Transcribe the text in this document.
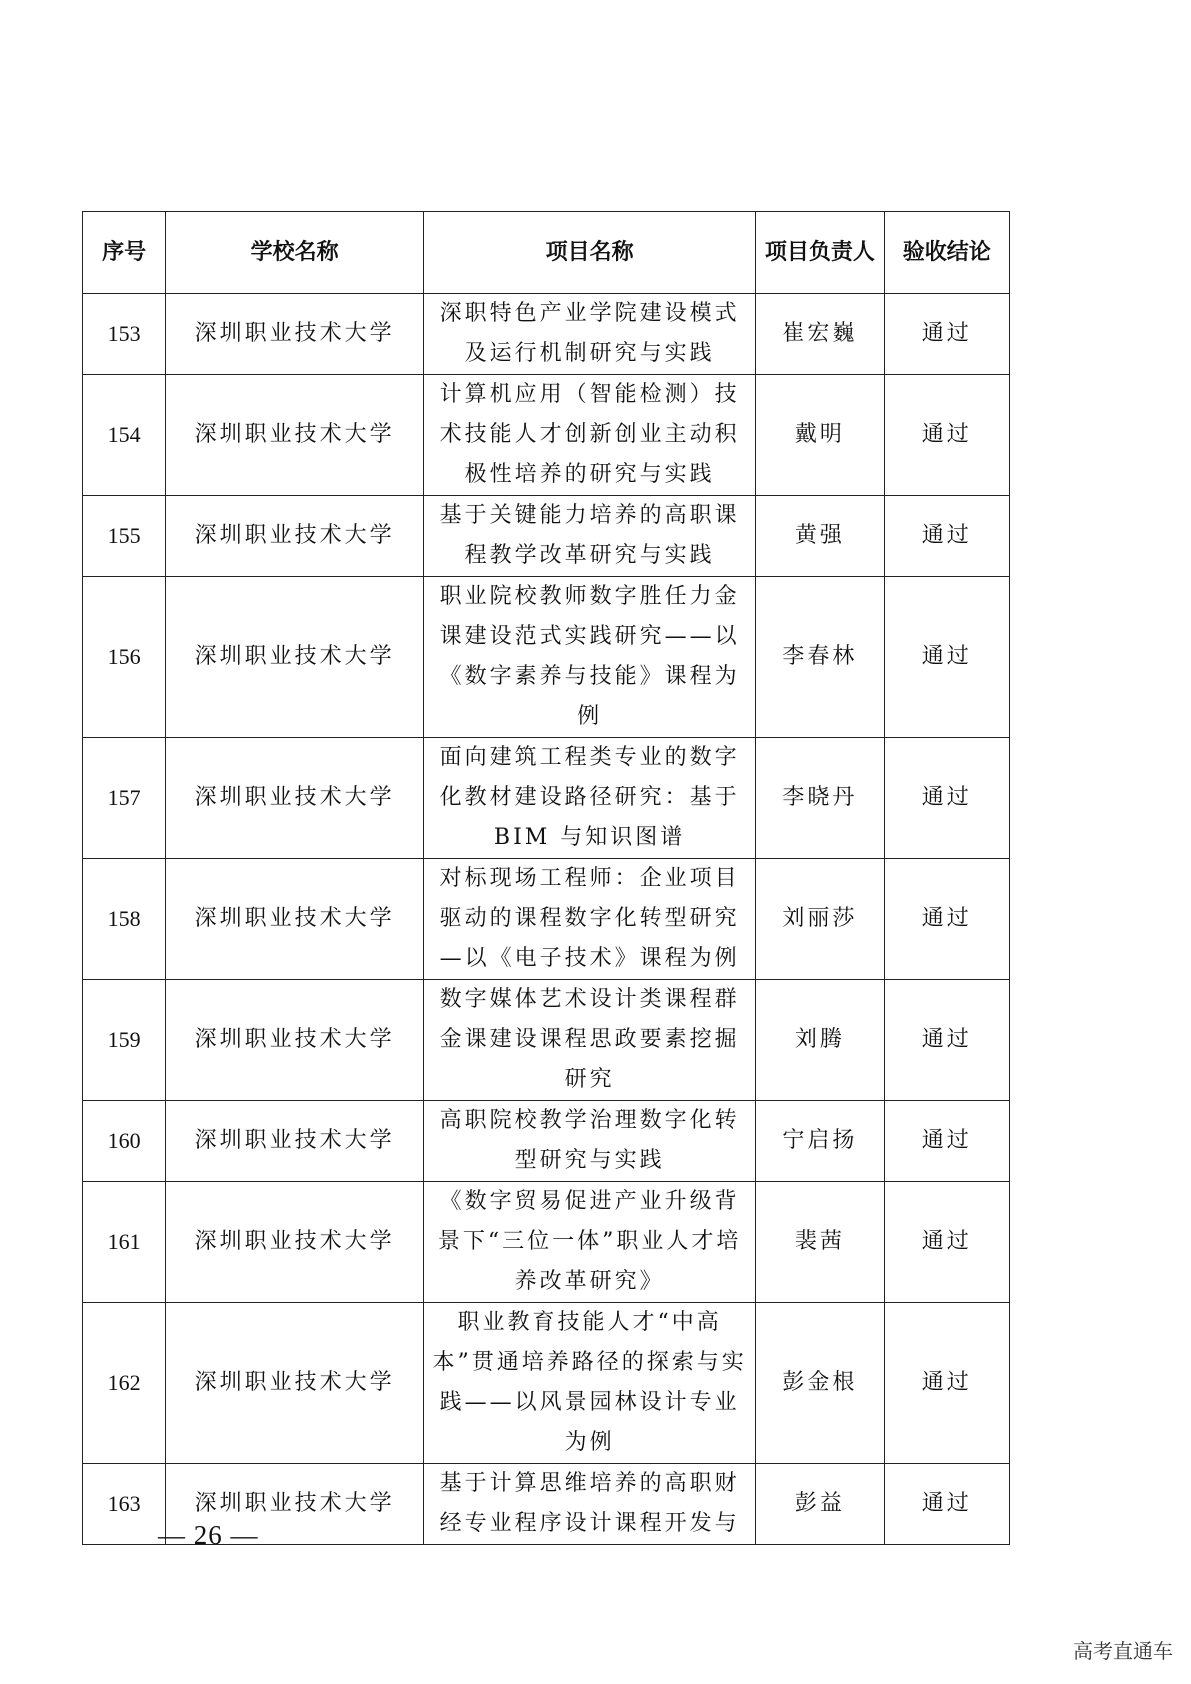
序号	学校名称	项目名称	项目负责人	验收结论
153	深圳职业技术大学	深职特色产业学院建设模式及运行机制研究与实践	崔宏巍	通过
154	深圳职业技术大学	计算机应用（智能检测）技术技能人才创新创业主动积极性培养的研究与实践	戴明	通过
155	深圳职业技术大学	基于关键能力培养的高职课程教学改革研究与实践	黄强	通过
156	深圳职业技术大学	职业院校教师数字胜任力金课建设范式实践研究——以《数字素养与技能》课程为例	李春林	通过
157	深圳职业技术大学	面向建筑工程类专业的数字化教材建设路径研究：基于BIM 与知识图谱	李晓丹	通过
158	深圳职业技术大学	对标现场工程师：企业项目驱动的课程数字化转型研究—以《电子技术》课程为例	刘丽莎	通过
159	深圳职业技术大学	数字媒体艺术设计类课程群金课建设课程思政要素挖掘研究	刘腾	通过
160	深圳职业技术大学	高职院校教学治理数字化转型研究与实践	宁启扬	通过
161	深圳职业技术大学	《数字贸易促进产业升级背景下“三位一体”职业人才培养改革研究》	裴茜	通过
162	深圳职业技术大学	职业教育技能人才“中高本”贯通培养路径的探索与实践——以风景园林设计专业为例	彭金根	通过
163	深圳职业技术大学	基于计算思维培养的高职财经专业程序设计课程开发与	彭益	通过
— 26 —
高考直通车
